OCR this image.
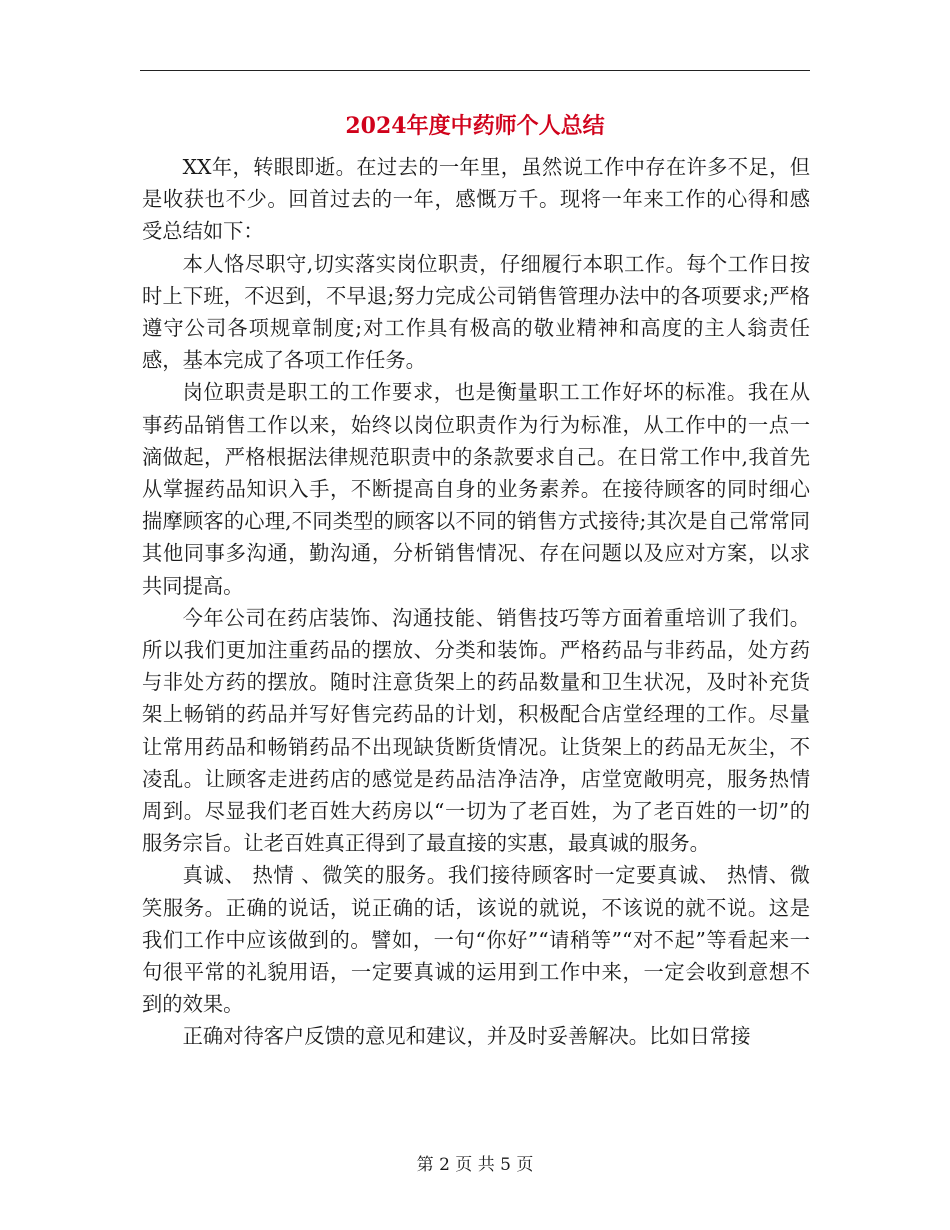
2024年度中药师个人总结

XX年，转眼即逝。在过去的一年里，虽然说工作中存在许多不足，但是收获也不少。回首过去的一年，感慨万千。现将一年来工作的心得和感受总结如下：

本人恪尽职守,切实落实岗位职责，仔细履行本职工作。每个工作日按时上下班，不迟到，不早退;努力完成公司销售管理办法中的各项要求;严格遵守公司各项规章制度;对工作具有极高的敬业精神和高度的主人翁责任感，基本完成了各项工作任务。

岗位职责是职工的工作要求，也是衡量职工工作好坏的标准。我在从事药品销售工作以来，始终以岗位职责作为行为标准，从工作中的一点一滴做起，严格根据法律规范职责中的条款要求自己。在日常工作中,我首先从掌握药品知识入手，不断提高自身的业务素养。在接待顾客的同时细心揣摩顾客的心理,不同类型的顾客以不同的销售方式接待;其次是自己常常同其他同事多沟通，勤沟通，分析销售情况、存在问题以及应对方案，以求共同提高。

今年公司在药店装饰、沟通技能、销售技巧等方面着重培训了我们。所以我们更加注重药品的摆放、分类和装饰。严格药品与非药品，处方药与非处方药的摆放。随时注意货架上的药品数量和卫生状况，及时补充货架上畅销的药品并写好售完药品的计划，积极配合店堂经理的工作。尽量让常用药品和畅销药品不出现缺货断货情况。让货架上的药品无灰尘，不凌乱。让顾客走进药店的感觉是药品洁净洁净，店堂宽敞明亮，服务热情周到。尽显我们老百姓大药房以“一切为了老百姓，为了老百姓的一切”的服务宗旨。让老百姓真正得到了最直接的实惠，最真诚的服务。

真诚、 热情 、微笑的服务。我们接待顾客时一定要真诚、 热情、微笑服务。正确的说话，说正确的话，该说的就说，不该说的就不说。这是我们工作中应该做到的。譬如，一句“你好”“请稍等”“对不起”等看起来一句很平常的礼貌用语，一定要真诚的运用到工作中来，一定会收到意想不到的效果。

正确对待客户反馈的意见和建议，并及时妥善解决。比如日常接

第 2 页 共 5 页
